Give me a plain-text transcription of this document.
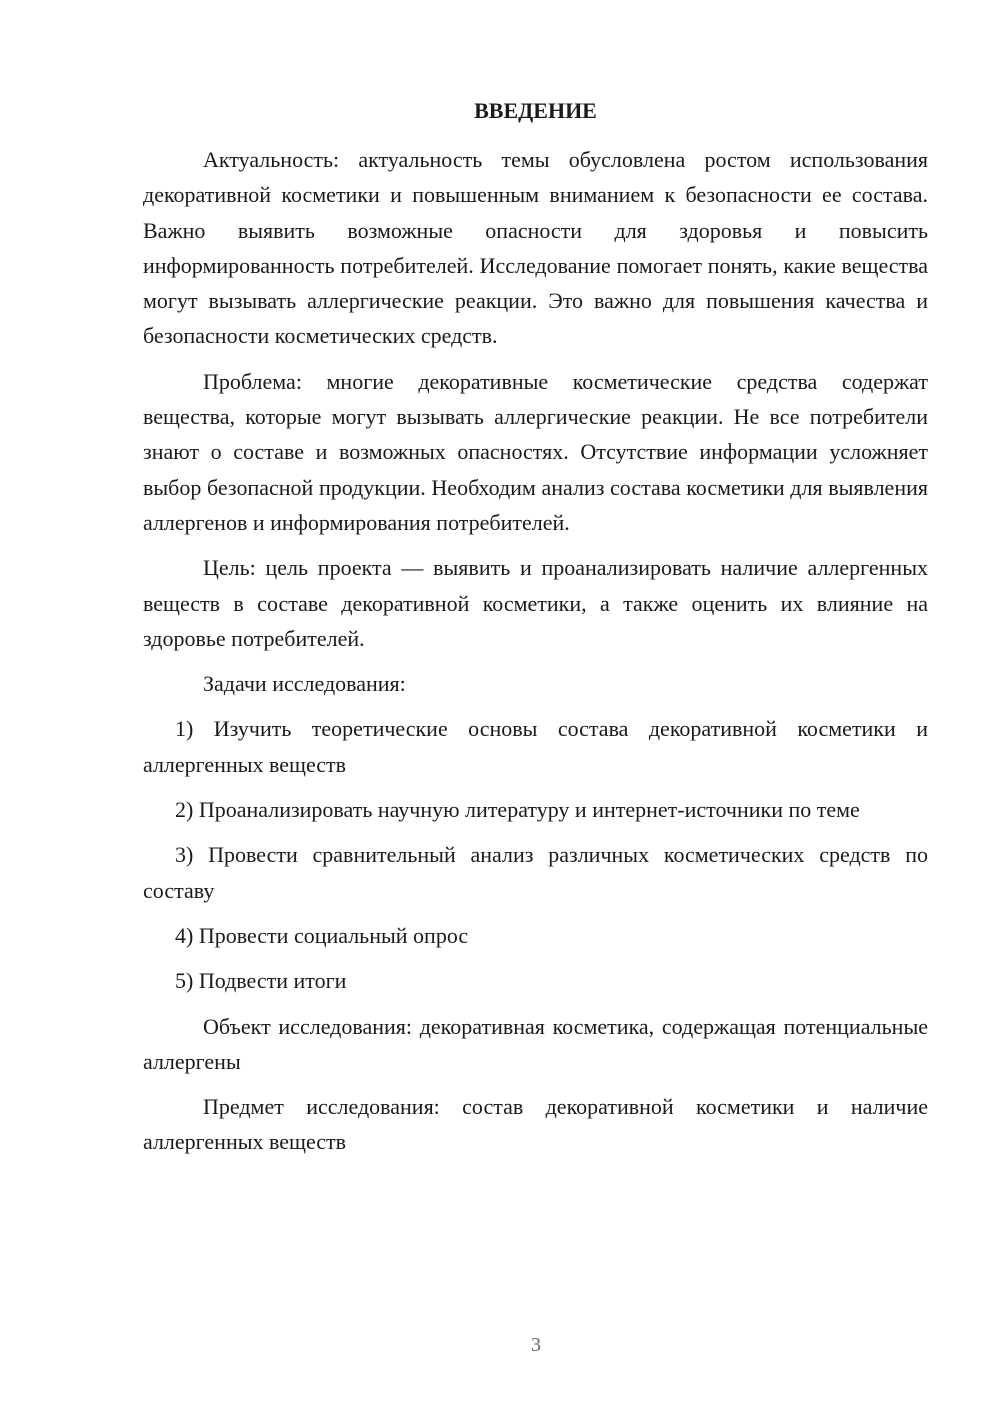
ВВЕДЕНИЕ

Актуальность: актуальность темы обусловлена ростом использования декоративной косметики и повышенным вниманием к безопасности ее состава. Важно выявить возможные опасности для здоровья и повысить информированность потребителей. Исследование помогает понять, какие вещества могут вызывать аллергические реакции. Это важно для повышения качества и безопасности косметических средств.

Проблема: многие декоративные косметические средства содержат вещества, которые могут вызывать аллергические реакции. Не все потребители знают о составе и возможных опасностях. Отсутствие информации усложняет выбор безопасной продукции. Необходим анализ состава косметики для выявления аллергенов и информирования потребителей.

Цель: цель проекта — выявить и проанализировать наличие аллергенных веществ в составе декоративной косметики, а также оценить их влияние на здоровье потребителей.

Задачи исследования:

1) Изучить теоретические основы состава декоративной косметики и аллергенных веществ

2) Проанализировать научную литературу и интернет-источники по теме

3) Провести сравнительный анализ различных косметических средств по составу

4) Провести социальный опрос

5) Подвести итоги

Объект исследования: декоративная косметика, содержащая потенциальные аллергены

Предмет исследования: состав декоративной косметики и наличие аллергенных веществ

3
